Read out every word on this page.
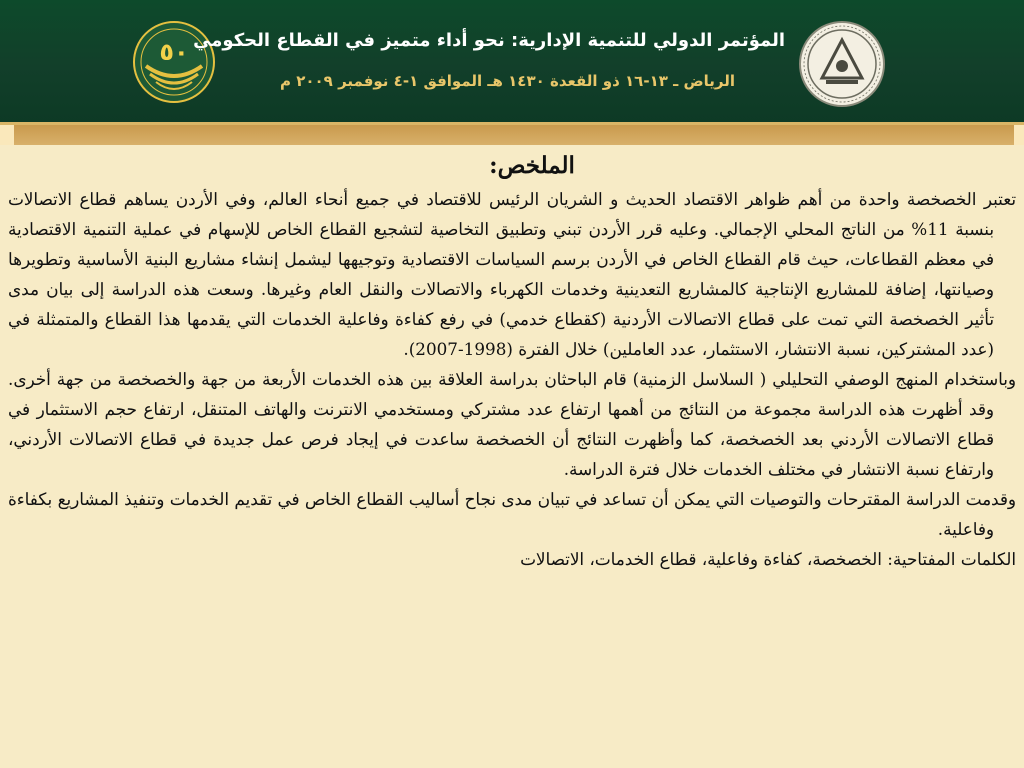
٥٠ المؤتمر الدولي للتنمية الإدارية: نحو أداء متميز في القطاع الحكومي
الرياض ـ ١٣-١٦ ذو القعدة ١٤٣٠ هـ الموافق ١-٤ نوفمبر ٢٠٠٩ م

الملخص:

تعتبر الخصخصة واحدة من أهم ظواهر الاقتصاد الحديث و الشريان الرئيس للاقتصاد في جميع أنحاء العالم، وفي الأردن يساهم قطاع الاتصالات بنسبة 11% من الناتج المحلي الإجمالي. وعليه قرر الأردن تبني وتطبيق التخاصية لتشجيع القطاع الخاص للإسهام في عملية التنمية الاقتصادية في معظم القطاعات، حيث قام القطاع الخاص في الأردن برسم السياسات الاقتصادية وتوجيهها ليشمل إنشاء مشاريع البنية الأساسية وتطويرها وصيانتها، إضافة للمشاريع الإنتاجية كالمشاريع التعدينية وخدمات الكهرباء والاتصالات والنقل العام وغيرها. وسعت هذه الدراسة إلى بيان مدى تأثير الخصخصة التي تمت على قطاع الاتصالات الأردنية (كقطاع خدمي) في رفع كفاءة وفاعلية الخدمات التي يقدمها هذا القطاع والمتمثلة في (عدد المشتركين، نسبة الانتشار، الاستثمار، عدد العاملين) خلال الفترة (1998-2007).

وباستخدام المنهج الوصفي التحليلي ( السلاسل الزمنية) قام الباحثان بدراسة العلاقة بين هذه الخدمات الأربعة من جهة والخصخصة من جهة أخرى. وقد أظهرت هذه الدراسة مجموعة من النتائج من أهمها ارتفاع عدد مشتركي ومستخدمي الانترنت والهاتف المتنقل، ارتفاع حجم الاستثمار في قطاع الاتصالات الأردني بعد الخصخصة، كما وأظهرت النتائج أن الخصخصة ساعدت في إيجاد فرص عمل جديدة في قطاع الاتصالات الأردني، وارتفاع نسبة الانتشار في مختلف الخدمات خلال فترة الدراسة.

وقدمت الدراسة المقترحات والتوصيات التي يمكن أن تساعد في تبيان مدى نجاح أساليب القطاع الخاص في تقديم الخدمات وتنفيذ المشاريع بكفاءة وفاعلية.

الكلمات المفتاحية: الخصخصة، كفاءة وفاعلية، قطاع الخدمات، الاتصالات
